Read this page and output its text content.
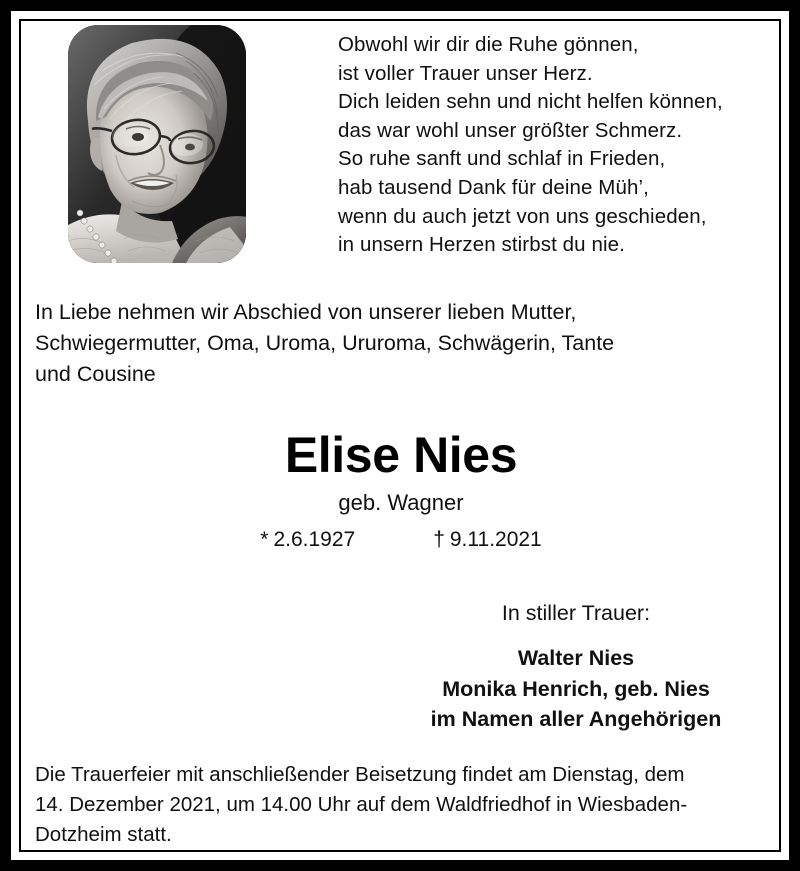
Obwohl wir dir die Ruhe gönnen,
ist voller Trauer unser Herz.
Dich leiden sehn und nicht helfen können,
das war wohl unser größter Schmerz.
So ruhe sanft und schlaf in Frieden,
hab tausend Dank für deine Müh’,
wenn du auch jetzt von uns geschieden,
in unsern Herzen stirbst du nie.
In Liebe nehmen wir Abschied von unserer lieben Mutter,
Schwiegermutter, Oma, Uroma, Ururoma, Schwägerin, Tante
und Cousine
Elise Nies
geb. Wagner
* 2.6.1927	† 9.11.2021
In stiller Trauer:
Walter Nies
Monika Henrich, geb. Nies
im Namen aller Angehörigen
Die Trauerfeier mit anschließender Beisetzung findet am Dienstag, dem
14. Dezember 2021, um 14.00 Uhr auf dem Waldfriedhof in Wiesbaden-
Dotzheim statt.
